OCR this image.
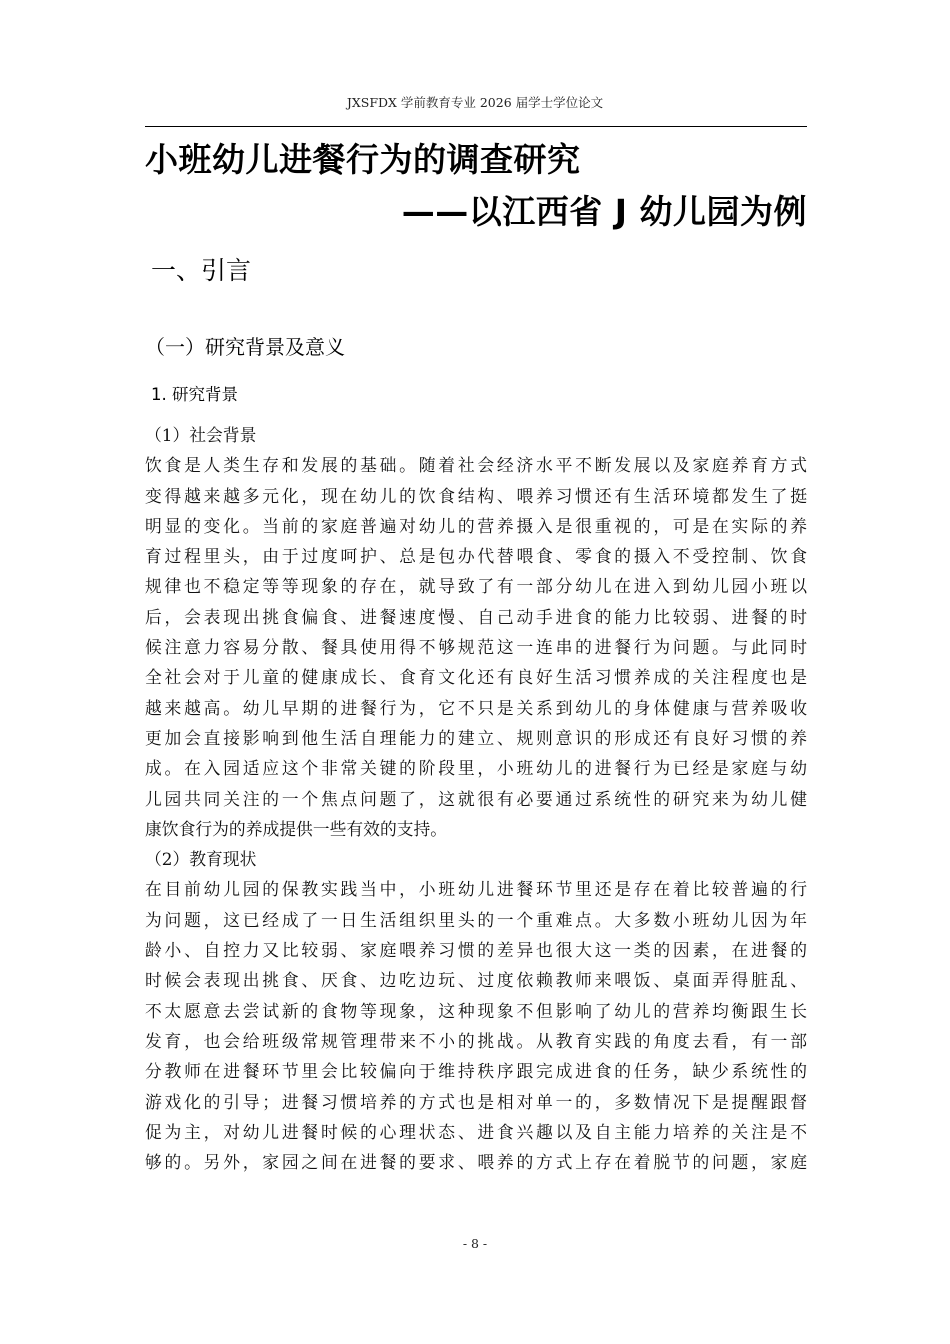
JXSFDX 学前教育专业 2026 届学士学位论文
小班幼儿进餐行为的调查研究
——以江西省 J 幼儿园为例
一、引言
（一）研究背景及意义
1. 研究背景
（1）社会背景
饮食是人类生存和发展的基础。随着社会经济水平不断发展以及家庭养育方式
变得越来越多元化，现在幼儿的饮食结构、喂养习惯还有生活环境都发生了挺
明显的变化。当前的家庭普遍对幼儿的营养摄入是很重视的，可是在实际的养
育过程里头，由于过度呵护、总是包办代替喂食、零食的摄入不受控制、饮食
规律也不稳定等等现象的存在，就导致了有一部分幼儿在进入到幼儿园小班以
后，会表现出挑食偏食、进餐速度慢、自己动手进食的能力比较弱、进餐的时
候注意力容易分散、餐具使用得不够规范这一连串的进餐行为问题。与此同时
全社会对于儿童的健康成长、食育文化还有良好生活习惯养成的关注程度也是
越来越高。幼儿早期的进餐行为，它不只是关系到幼儿的身体健康与营养吸收
更加会直接影响到他生活自理能力的建立、规则意识的形成还有良好习惯的养
成。在入园适应这个非常关键的阶段里，小班幼儿的进餐行为已经是家庭与幼
儿园共同关注的一个焦点问题了，这就很有必要通过系统性的研究来为幼儿健
康饮食行为的养成提供一些有效的支持。
（2）教育现状
在目前幼儿园的保教实践当中，小班幼儿进餐环节里还是存在着比较普遍的行
为问题，这已经成了一日生活组织里头的一个重难点。大多数小班幼儿因为年
龄小、自控力又比较弱、家庭喂养习惯的差异也很大这一类的因素，在进餐的
时候会表现出挑食、厌食、边吃边玩、过度依赖教师来喂饭、桌面弄得脏乱、
不太愿意去尝试新的食物等现象，这种现象不但影响了幼儿的营养均衡跟生长
发育，也会给班级常规管理带来不小的挑战。从教育实践的角度去看，有一部
分教师在进餐环节里会比较偏向于维持秩序跟完成进食的任务，缺少系统性的
游戏化的引导；进餐习惯培养的方式也是相对单一的，多数情况下是提醒跟督
促为主，对幼儿进餐时候的心理状态、进食兴趣以及自主能力培养的关注是不
够的。另外，家园之间在进餐的要求、喂养的方式上存在着脱节的问题，家庭
- 8 -
